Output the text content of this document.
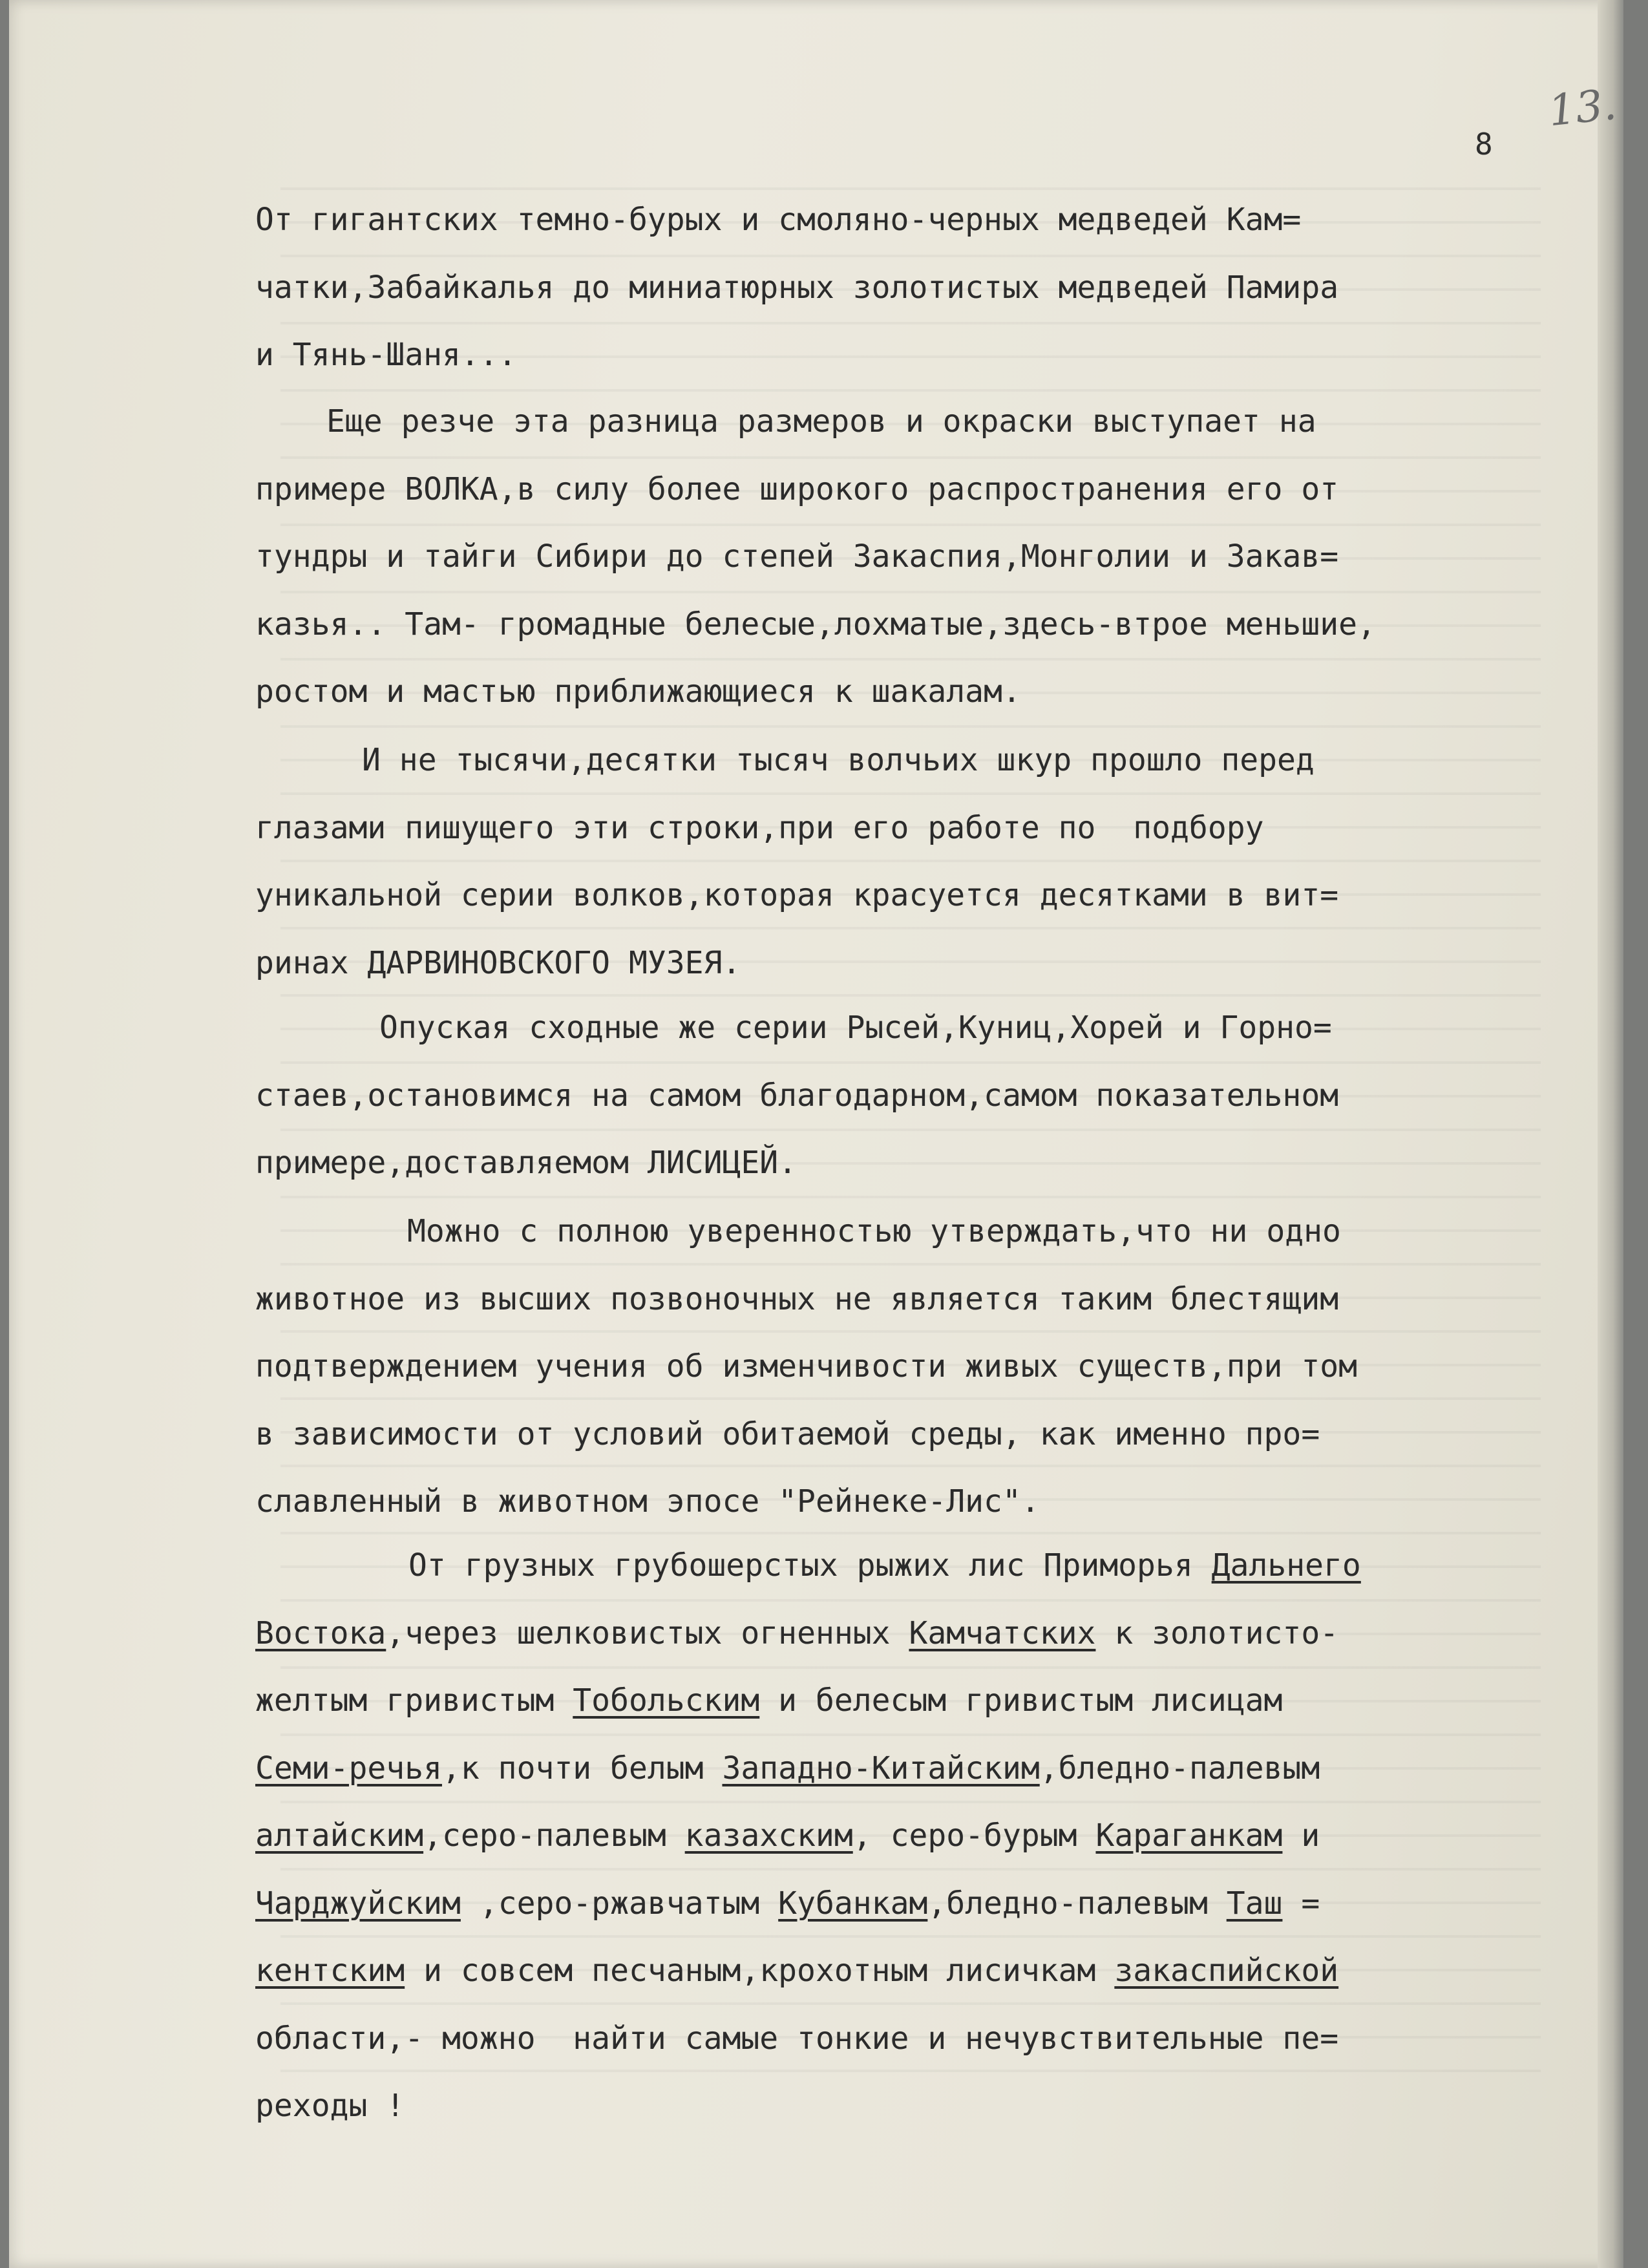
13.
8
От гигантских темно-бурых и смоляно-черных медведей Кам=
чатки,Забайкалья до миниатюрных золотистых медведей Памира
и Тянь-Шаня...
Еще резче эта разница размеров и окраски выступает на
примере ВОЛКА,в силу более широкого распространения его от
тундры и тайги Сибири до степей Закаспия,Монголии и Закав=
казья.. Там- громадные белесые,лохматые,здесь-втрое меньшие,
ростом и мастью приближающиеся к шакалам.
И не тысячи,десятки тысяч волчьих шкур прошло перед
глазами пишущего эти строки,при его работе по  подбору
уникальной серии волков,которая красуется десятками в вит=
ринах ДАРВИНОВСКОГО МУЗЕЯ.
Опуская сходные же серии Рысей,Куниц,Хорей и Горно=
стаев,остановимся на самом благодарном,самом показательном
примере,доставляемом ЛИСИЦЕЙ.
Можно с полною уверенностью утверждать,что ни одно
животное из высших позвоночных не является таким блестящим
подтверждением учения об изменчивости живых существ,при том
в зависимости от условий обитаемой среды, как именно про=
славленный в животном эпосе "Рейнеке-Лис".
От грузных грубошерстых рыжих лис Приморья Дальнего
Востока,через шелковистых огненных Камчатских к золотисто-
желтым гривистым Тобольским и белесым гривистым лисицам
Семи-речья,к почти белым Западно-Китайским,бледно-палевым
алтайским,серо-палевым казахским, серо-бурым Караганкам и
Чарджуйским ,серо-ржавчатым Кубанкам,бледно-палевым Таш =
кентским и совсем песчаным,крохотным лисичкам закаспийской
области,- можно  найти самые тонкие и нечувствительные пе=
реходы !
